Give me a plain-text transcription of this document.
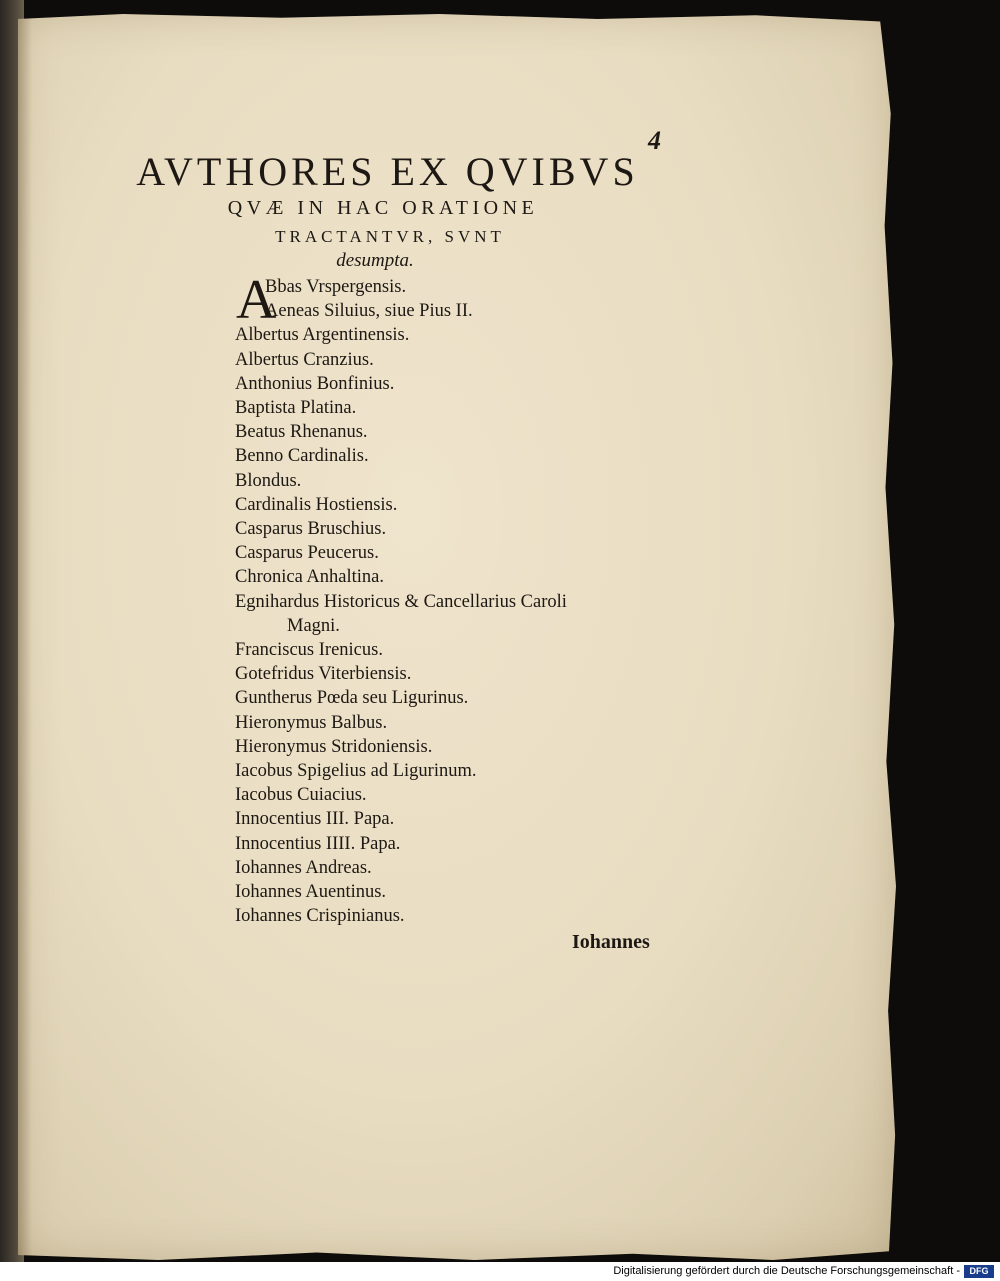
4
AVTHORES EX QVIBVS
QVÆ IN HAC ORATIONE
TRACTANTVR, SVNT
desumpta.
A
Bbas Vrspergensis.
Aeneas Siluius, siue Pius II.
Albertus Argentinensis.
Albertus Cranzius.
Anthonius Bonfinius.
Baptista Platina.
Beatus Rhenanus.
Benno Cardinalis.
Blondus.
Cardinalis Hostiensis.
Casparus Bruschius.
Casparus Peucerus.
Chronica Anhaltina.
Egnihardus Historicus & Cancellarius Caroli
Magni.
Franciscus Irenicus.
Gotefridus Viterbiensis.
Guntherus Pœda seu Ligurinus.
Hieronymus Balbus.
Hieronymus Stridoniensis.
Iacobus Spigelius ad Ligurinum.
Iacobus Cuiacius.
Innocentius III. Papa.
Innocentius IIII. Papa.
Iohannes Andreas.
Iohannes Auentinus.
Iohannes Crispinianus.
Iohannes
Digitalisierung gefördert durch die Deutsche Forschungsgemeinschaft -	DFG
